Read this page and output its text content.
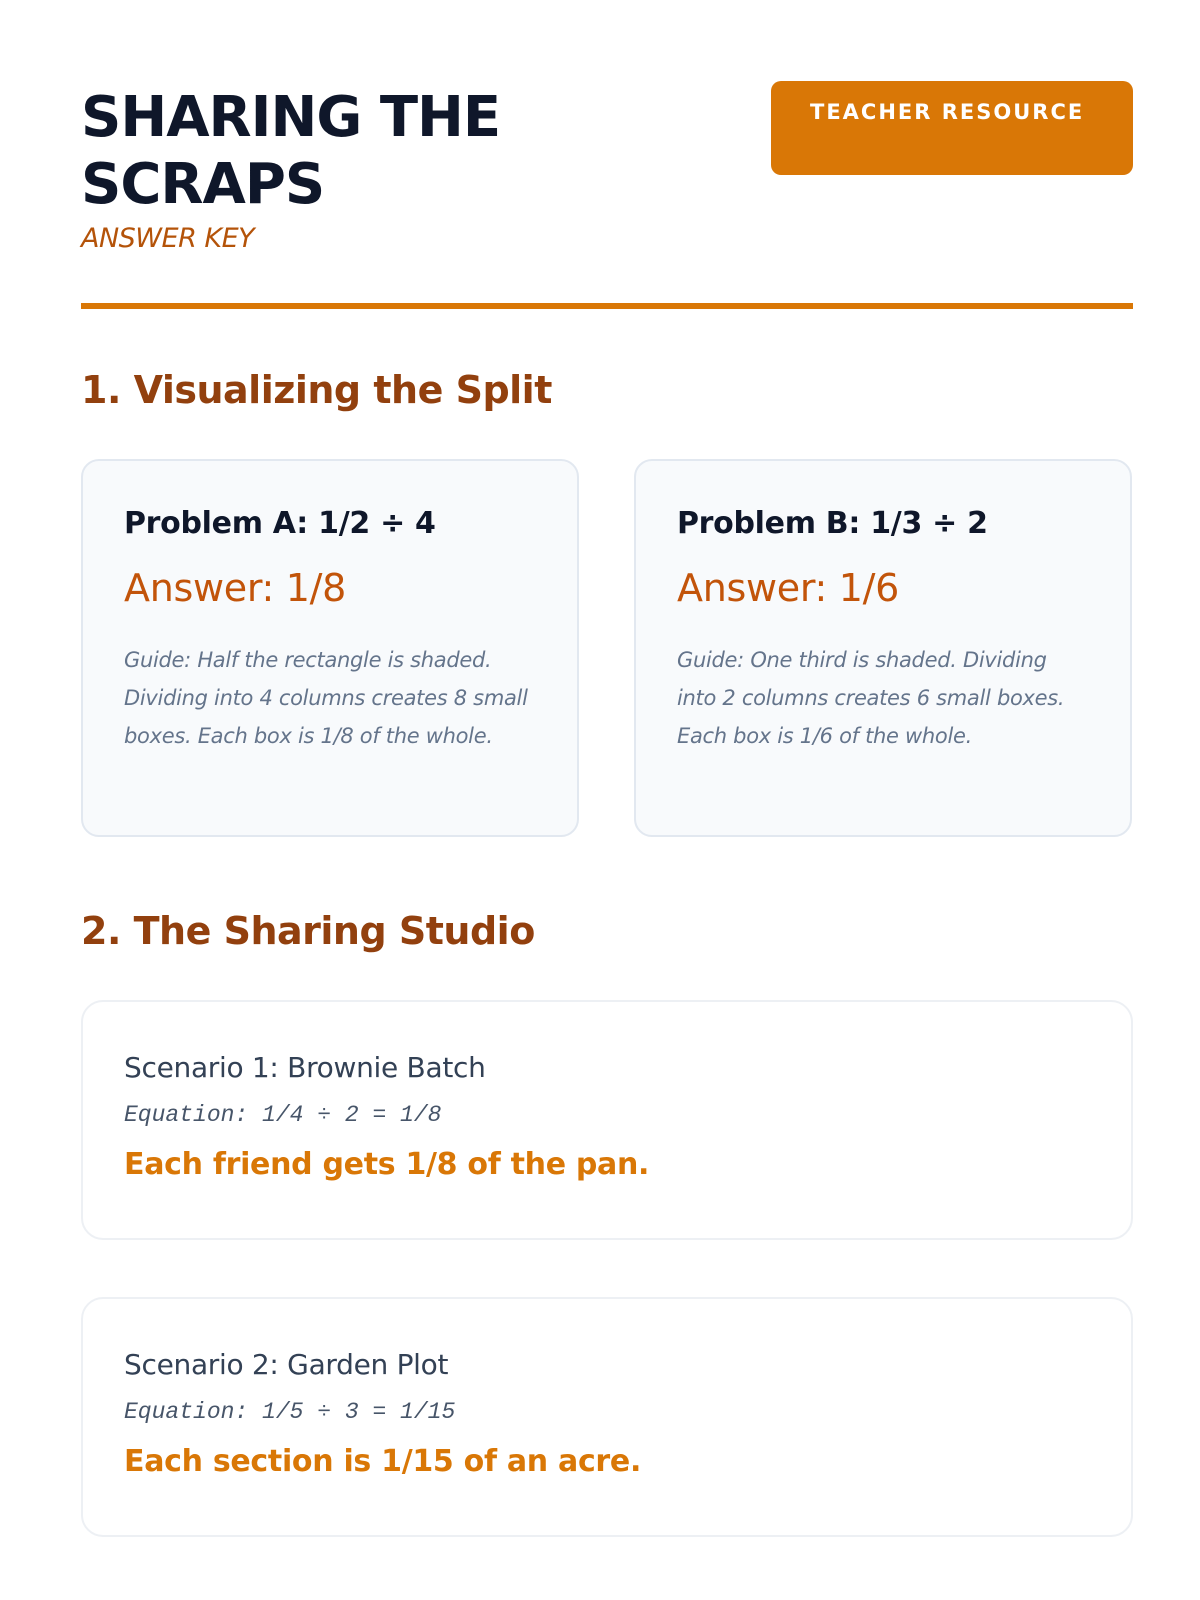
SHARING THE SCRAPS
ANSWER KEY
TEACHER RESOURCE
1. Visualizing the Split
Problem A: 1/2 ÷ 4
Answer: 1/8
Guide: Half the rectangle is shaded. Dividing into 4 columns creates 8 small boxes. Each box is 1/8 of the whole.
Problem B: 1/3 ÷ 2
Answer: 1/6
Guide: One third is shaded. Dividing into 2 columns creates 6 small boxes. Each box is 1/6 of the whole.
2. The Sharing Studio
Scenario 1: Brownie Batch
Equation: 1/4 ÷ 2 = 1/8
Each friend gets 1/8 of the pan.
Scenario 2: Garden Plot
Equation: 1/5 ÷ 3 = 1/15
Each section is 1/15 of an acre.
